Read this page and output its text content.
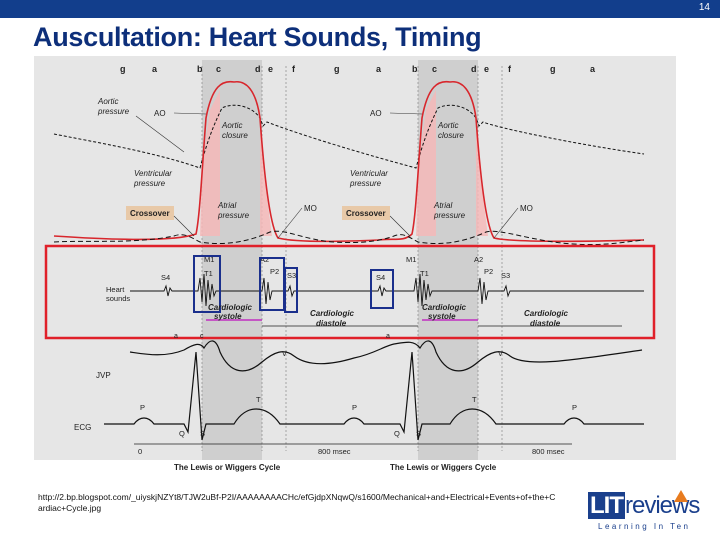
14
Auscultation: Heart Sounds, Timing
g	a	b c	d e f	g	a	b c	d e f	g	a
Aortic pressure
Ventricular pressure
Ventricular pressure
Aortic closure
Aortic closure
Atrial pressure
Atrial pressure
AO	AO
MO	MO
Crossover	Crossover
Heart sounds
S4
M1
T1
A2
P2 S3	S4
M1
T1
A2
P2 S3
Cardiologic systole	Cardiologic diastole
Cardiologic systole	Cardiologic diastole
JVP
a	c
V
a
V
ECG
P
T
Q S
P
T
Q S
P
0	800 msec	800 msec
The Lewis or Wiggers Cycle	The Lewis or Wiggers Cycle
http://2.bp.blogspot.com/_uiyskjNZYt8/TJW2uBf-P2I/AAAAAAAACHc/efGjdpXNqwQ/s1600/Mechanical+and+Electrical+Events+of+the+Cardiac+Cycle.jpg	LITreviews
Learning In Ten
